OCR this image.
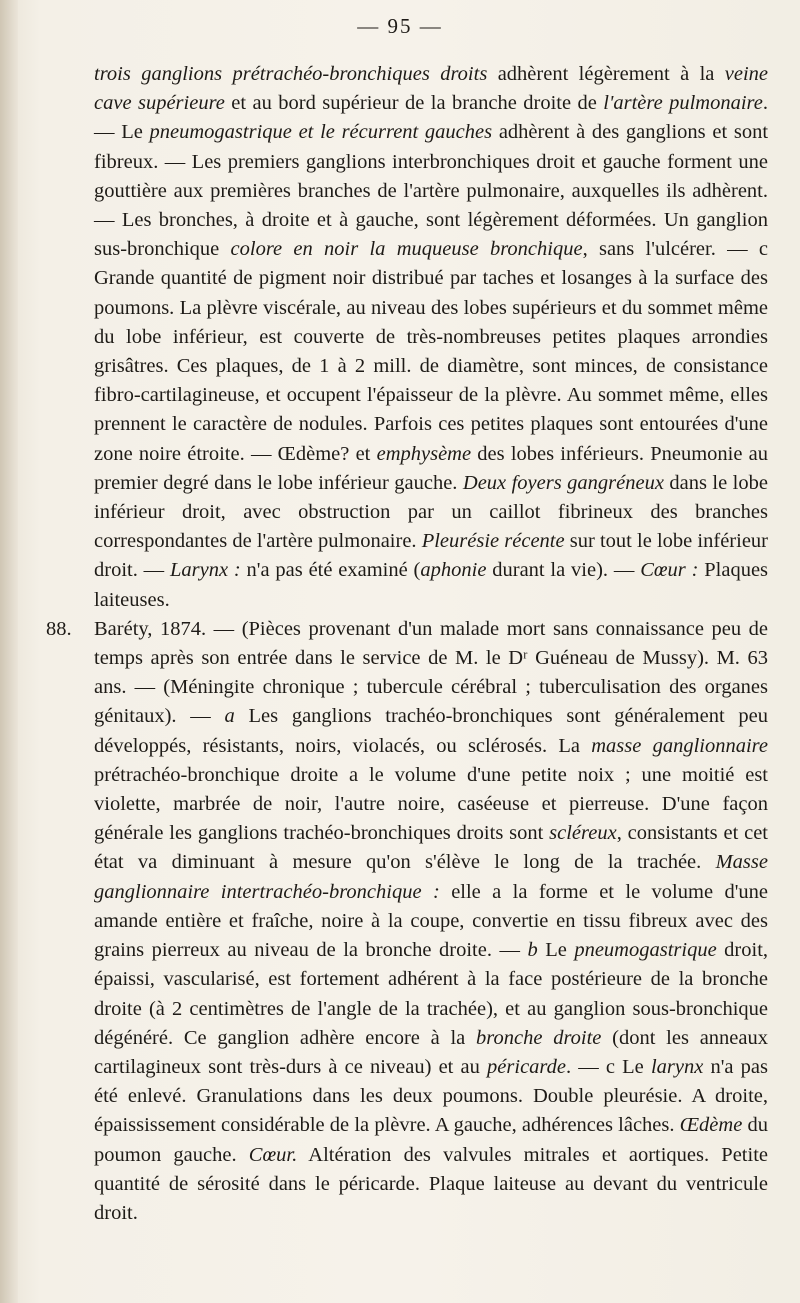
— 95 —

trois ganglions prétrachéo-bronchiques droits adhèrent légèrement à la veine cave supérieure et au bord supérieur de la branche droite de l'artère pulmonaire. — Le pneumogastrique et le récurrent gauches adhèrent à des ganglions et sont fibreux. — Les premiers ganglions interbronchiques droit et gauche forment une gouttière aux premières branches de l'artère pulmonaire, auxquelles ils adhèrent. — Les bronches, à droite et à gauche, sont légèrement déformées. Un ganglion sus-bronchique colore en noir la muqueuse bronchique, sans l'ulcérer. — c Grande quantité de pigment noir distribué par taches et losanges à la surface des poumons. La plèvre viscérale, au niveau des lobes supérieurs et du sommet même du lobe inférieur, est couverte de très-nombreuses petites plaques arrondies grisâtres. Ces plaques, de 1 à 2 mill. de diamètre, sont minces, de consistance fibro-cartilagineuse, et occupent l'épaisseur de la plèvre. Au sommet même, elles prennent le caractère de nodules. Parfois ces petites plaques sont entourées d'une zone noire étroite. — Œdème? et emphysème des lobes inférieurs. Pneumonie au premier degré dans le lobe inférieur gauche. Deux foyers gangréneux dans le lobe inférieur droit, avec obstruction par un caillot fibrineux des branches correspondantes de l'artère pulmonaire. Pleurésie récente sur tout le lobe inférieur droit. — Larynx : n'a pas été examiné (aphonie durant la vie). — Cœur : Plaques laiteuses.

88. Baréty, 1874. — (Pièces provenant d'un malade mort sans connaissance peu de temps après son entrée dans le service de M. le Dʳ Guéneau de Mussy). M. 63 ans. — (Méningite chronique ; tubercule cérébral ; tuberculisation des organes génitaux). — a Les ganglions trachéo-bronchiques sont généralement peu développés, résistants, noirs, violacés, ou sclérosés. La masse ganglionnaire prétrachéo-bronchique droite a le volume d'une petite noix ; une moitié est violette, marbrée de noir, l'autre noire, caséeuse et pierreuse. D'une façon générale les ganglions trachéo-bronchiques droits sont scléreux, consistants et cet état va diminuant à mesure qu'on s'élève le long de la trachée. Masse ganglionnaire intertrachéo-bronchique : elle a la forme et le volume d'une amande entière et fraîche, noire à la coupe, convertie en tissu fibreux avec des grains pierreux au niveau de la bronche droite. — b Le pneumogastrique droit, épaissi, vascularisé, est fortement adhérent à la face postérieure de la bronche droite (à 2 centimètres de l'angle de la trachée), et au ganglion sous-bronchique dégénéré. Ce ganglion adhère encore à la bronche droite (dont les anneaux cartilagineux sont très-durs à ce niveau) et au péricarde. — c Le larynx n'a pas été enlevé. Granulations dans les deux poumons. Double pleurésie. A droite, épaississement considérable de la plèvre. A gauche, adhérences lâches. Œdème du poumon gauche. Cœur. Altération des valvules mitrales et aortiques. Petite quantité de sérosité dans le péricarde. Plaque laiteuse au devant du ventricule droit.
